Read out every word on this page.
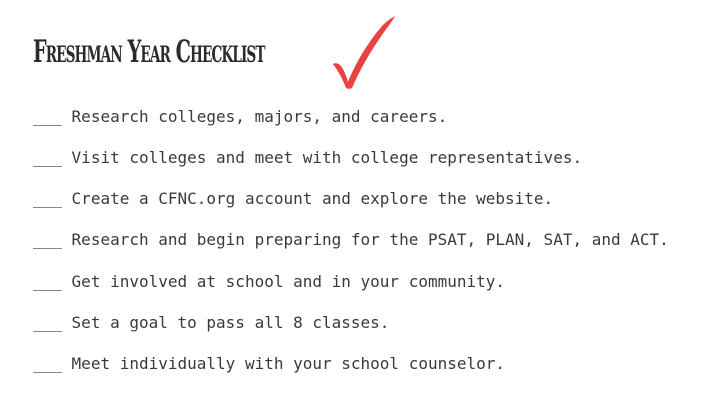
Freshman Year Checklist
___ Research colleges, majors, and careers.
___ Visit colleges and meet with college representatives.
___ Create a CFNC.org account and explore the website.
___ Research and begin preparing for the PSAT, PLAN, SAT, and ACT.
___ Get involved at school and in your community.
___ Set a goal to pass all 8 classes.
___ Meet individually with your school counselor.
